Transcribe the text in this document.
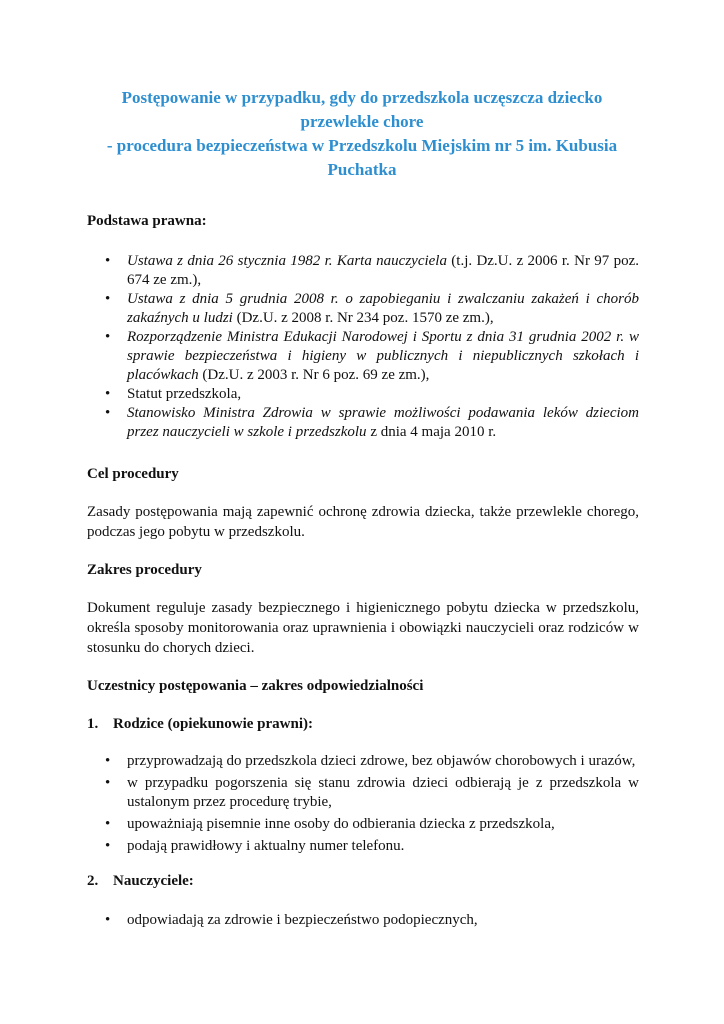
Postępowanie w przypadku, gdy do przedszkola uczęszcza dziecko
przewlekle chore
- procedura bezpieczeństwa w Przedszkolu Miejskim nr 5 im. Kubusia
Puchatka
Podstawa prawna:
• Ustawa z dnia 26 stycznia 1982 r. Karta nauczyciela (t.j. Dz.U. z 2006 r. Nr 97 poz. 674 ze zm.),
• Ustawa z dnia 5 grudnia 2008 r. o zapobieganiu i zwalczaniu zakażeń i chorób zakaźnych u ludzi (Dz.U. z 2008 r. Nr 234 poz. 1570 ze zm.),
• Rozporządzenie Ministra Edukacji Narodowej i Sportu z dnia 31 grudnia 2002 r. w sprawie bezpieczeństwa i higieny w publicznych i niepublicznych szkołach i placówkach (Dz.U. z 2003 r. Nr 6 poz. 69 ze zm.),
• Statut przedszkola,
• Stanowisko Ministra Zdrowia w sprawie możliwości podawania leków dzieciom przez nauczycieli w szkole i przedszkolu z dnia 4 maja 2010 r.
Cel procedury
Zasady postępowania mają zapewnić ochronę zdrowia dziecka, także przewlekle chorego, podczas jego pobytu w przedszkolu.
Zakres procedury
Dokument reguluje zasady bezpiecznego i higienicznego pobytu dziecka w przedszkolu, określa sposoby monitorowania oraz uprawnienia i obowiązki nauczycieli oraz rodziców w stosunku do chorych dzieci.
Uczestnicy postępowania – zakres odpowiedzialności
1. Rodzice (opiekunowie prawni):
• przyprowadzają do przedszkola dzieci zdrowe, bez objawów chorobowych i urazów,
• w przypadku pogorszenia się stanu zdrowia dzieci odbierają je z przedszkola w ustalonym przez procedurę trybie,
• upoważniają pisemnie inne osoby do odbierania dziecka z przedszkola,
• podają prawidłowy i aktualny numer telefonu.
2. Nauczyciele:
• odpowiadają za zdrowie i bezpieczeństwo podopiecznych,
